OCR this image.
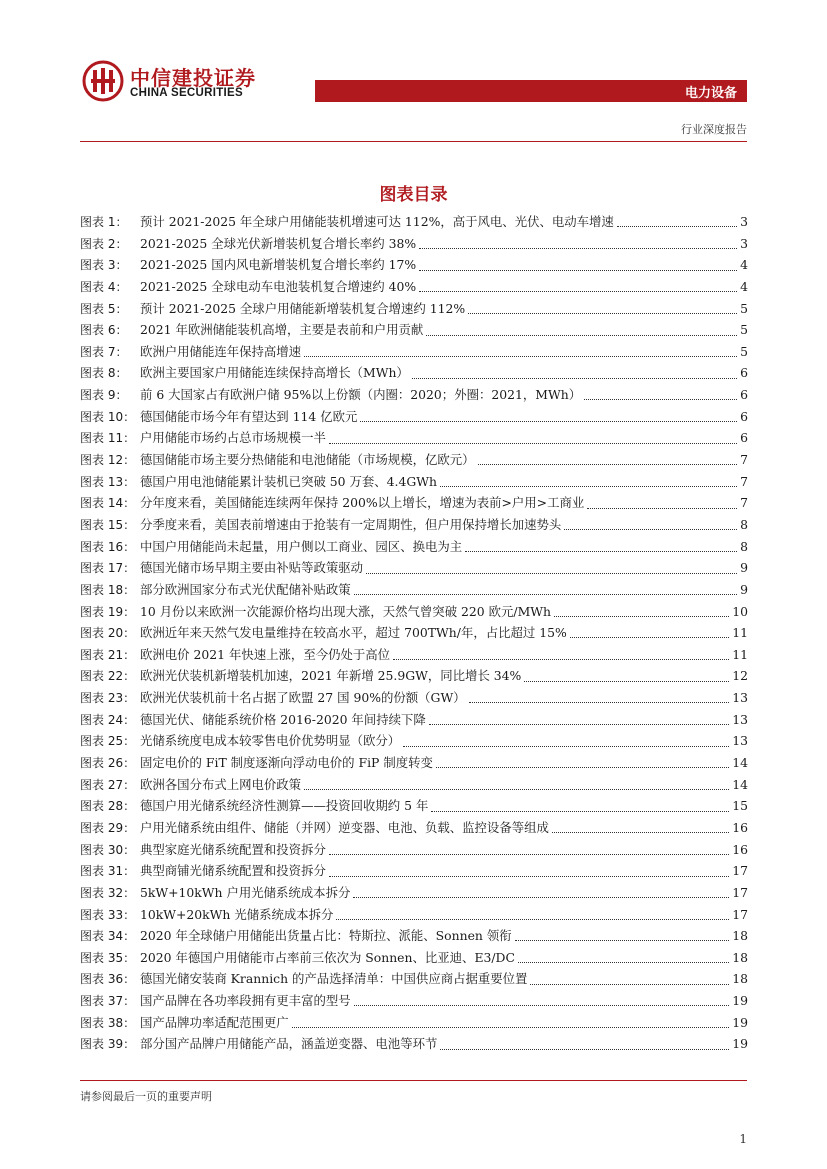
中信建投证券
CHINA SECURITIES	电力设备
行业深度报告
图表目录
图表 1：	预计 2021-2025 年全球户用储能装机增速可达 112%，高于风电、光伏、电动车增速	3
图表 2：	2021-2025 全球光伏新增装机复合增长率约 38%	3
图表 3：	2021-2025 国内风电新增装机复合增长率约 17%	4
图表 4：	2021-2025 全球电动车电池装机复合增速约 40%	4
图表 5：	预计 2021-2025 全球户用储能新增装机复合增速约 112%	5
图表 6：	2021 年欧洲储能装机高增，主要是表前和户用贡献	5
图表 7：	欧洲户用储能连年保持高增速	5
图表 8：	欧洲主要国家户用储能连续保持高增长（MWh）	6
图表 9：	前 6 大国家占有欧洲户储 95%以上份额（内圈：2020；外圈：2021，MWh）	6
图表 10： 德国储能市场今年有望达到 114 亿欧元	6
图表 11： 户用储能市场约占总市场规模一半	6
图表 12： 德国储能市场主要分热储能和电池储能（市场规模，亿欧元）	7
图表 13： 德国户用电池储能累计装机已突破 50 万套、4.4GWh	7
图表 14： 分年度来看，美国储能连续两年保持 200%以上增长，增速为表前>户用>工商业	7
图表 15： 分季度来看，美国表前增速由于抢装有一定周期性，但户用保持增长加速势头	8
图表 16： 中国户用储能尚未起量，用户侧以工商业、园区、换电为主	8
图表 17： 德国光储市场早期主要由补贴等政策驱动	9
图表 18： 部分欧洲国家分布式光伏配储补贴政策	9
图表 19： 10 月份以来欧洲一次能源价格均出现大涨，天然气曾突破 220 欧元/MWh	10
图表 20： 欧洲近年来天然气发电量维持在较高水平，超过 700TWh/年，占比超过 15%	11
图表 21： 欧洲电价 2021 年快速上涨，至今仍处于高位	11
图表 22： 欧洲光伏装机新增装机加速，2021 年新增 25.9GW，同比增长 34%	12
图表 23： 欧洲光伏装机前十名占据了欧盟 27 国 90%的份额（GW）	13
图表 24： 德国光伏、储能系统价格 2016-2020 年间持续下降	13
图表 25： 光储系统度电成本较零售电价优势明显（欧分）	13
图表 26： 固定电价的 FiT 制度逐渐向浮动电价的 FiP 制度转变	14
图表 27： 欧洲各国分布式上网电价政策	14
图表 28： 德国户用光储系统经济性测算——投资回收期约 5 年	15
图表 29： 户用光储系统由组件、储能（并网）逆变器、电池、负载、监控设备等组成	16
图表 30： 典型家庭光储系统配置和投资拆分	16
图表 31： 典型商铺光储系统配置和投资拆分	17
图表 32： 5kW+10kWh 户用光储系统成本拆分	17
图表 33： 10kW+20kWh 光储系统成本拆分	17
图表 34： 2020 年全球储户用储能出货量占比：特斯拉、派能、Sonnen 领衔	18
图表 35： 2020 年德国户用储能市占率前三依次为 Sonnen、比亚迪、E3/DC	18
图表 36： 德国光储安装商 Krannich 的产品选择清单：中国供应商占据重要位置	18
图表 37： 国产品牌在各功率段拥有更丰富的型号	19
图表 38： 国产品牌功率适配范围更广	19
图表 39： 部分国产品牌户用储能产品，涵盖逆变器、电池等环节	19
请参阅最后一页的重要声明
1
